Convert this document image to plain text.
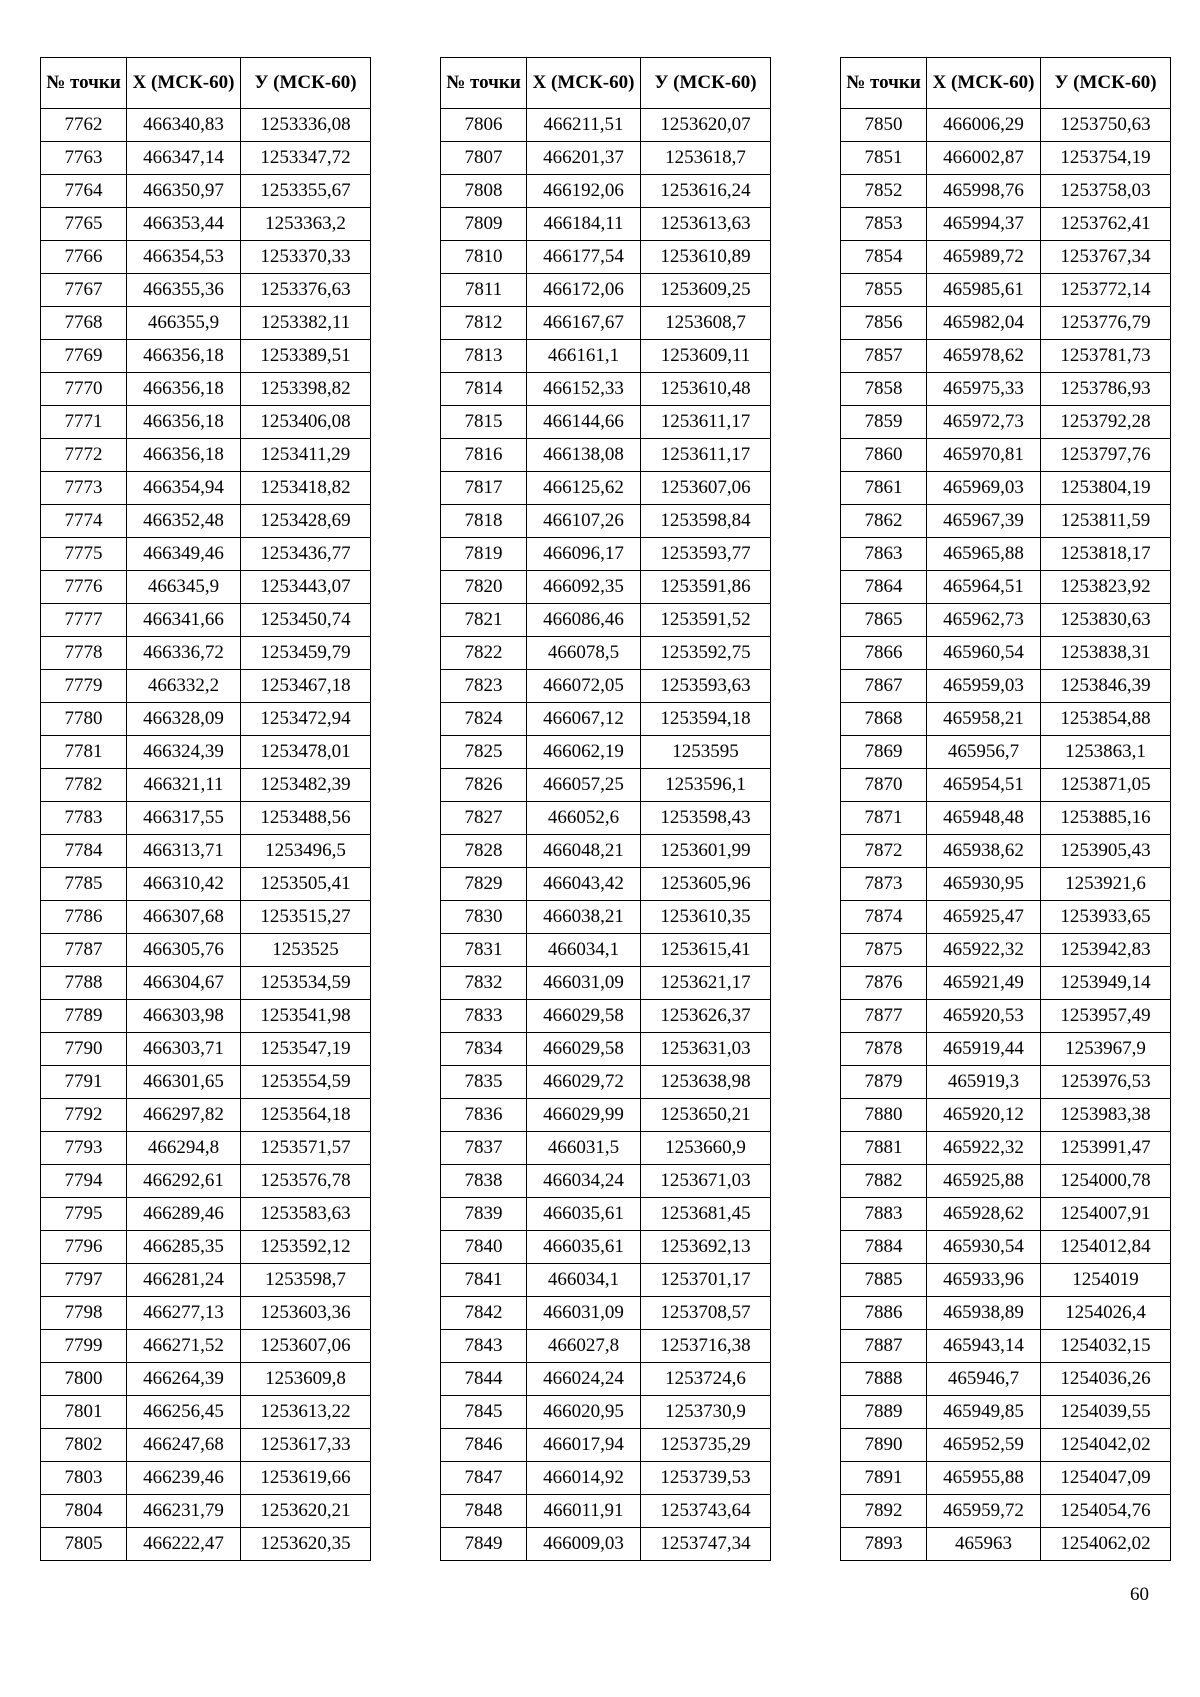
№ точки	X (МСК-60)	У (МСК-60)
7762	466340,83	1253336,08
7763	466347,14	1253347,72
7764	466350,97	1253355,67
7765	466353,44	1253363,2
7766	466354,53	1253370,33
7767	466355,36	1253376,63
7768	466355,9	1253382,11
7769	466356,18	1253389,51
7770	466356,18	1253398,82
7771	466356,18	1253406,08
7772	466356,18	1253411,29
7773	466354,94	1253418,82
7774	466352,48	1253428,69
7775	466349,46	1253436,77
7776	466345,9	1253443,07
7777	466341,66	1253450,74
7778	466336,72	1253459,79
7779	466332,2	1253467,18
7780	466328,09	1253472,94
7781	466324,39	1253478,01
7782	466321,11	1253482,39
7783	466317,55	1253488,56
7784	466313,71	1253496,5
7785	466310,42	1253505,41
7786	466307,68	1253515,27
7787	466305,76	1253525
7788	466304,67	1253534,59
7789	466303,98	1253541,98
7790	466303,71	1253547,19
7791	466301,65	1253554,59
7792	466297,82	1253564,18
7793	466294,8	1253571,57
7794	466292,61	1253576,78
7795	466289,46	1253583,63
7796	466285,35	1253592,12
7797	466281,24	1253598,7
7798	466277,13	1253603,36
7799	466271,52	1253607,06
7800	466264,39	1253609,8
7801	466256,45	1253613,22
7802	466247,68	1253617,33
7803	466239,46	1253619,66
7804	466231,79	1253620,21
7805	466222,47	1253620,35
№ точки	X (МСК-60)	У (МСК-60)
7806	466211,51	1253620,07
7807	466201,37	1253618,7
7808	466192,06	1253616,24
7809	466184,11	1253613,63
7810	466177,54	1253610,89
7811	466172,06	1253609,25
7812	466167,67	1253608,7
7813	466161,1	1253609,11
7814	466152,33	1253610,48
7815	466144,66	1253611,17
7816	466138,08	1253611,17
7817	466125,62	1253607,06
7818	466107,26	1253598,84
7819	466096,17	1253593,77
7820	466092,35	1253591,86
7821	466086,46	1253591,52
7822	466078,5	1253592,75
7823	466072,05	1253593,63
7824	466067,12	1253594,18
7825	466062,19	1253595
7826	466057,25	1253596,1
7827	466052,6	1253598,43
7828	466048,21	1253601,99
7829	466043,42	1253605,96
7830	466038,21	1253610,35
7831	466034,1	1253615,41
7832	466031,09	1253621,17
7833	466029,58	1253626,37
7834	466029,58	1253631,03
7835	466029,72	1253638,98
7836	466029,99	1253650,21
7837	466031,5	1253660,9
7838	466034,24	1253671,03
7839	466035,61	1253681,45
7840	466035,61	1253692,13
7841	466034,1	1253701,17
7842	466031,09	1253708,57
7843	466027,8	1253716,38
7844	466024,24	1253724,6
7845	466020,95	1253730,9
7846	466017,94	1253735,29
7847	466014,92	1253739,53
7848	466011,91	1253743,64
7849	466009,03	1253747,34
№ точки	X (МСК-60)	У (МСК-60)
7850	466006,29	1253750,63
7851	466002,87	1253754,19
7852	465998,76	1253758,03
7853	465994,37	1253762,41
7854	465989,72	1253767,34
7855	465985,61	1253772,14
7856	465982,04	1253776,79
7857	465978,62	1253781,73
7858	465975,33	1253786,93
7859	465972,73	1253792,28
7860	465970,81	1253797,76
7861	465969,03	1253804,19
7862	465967,39	1253811,59
7863	465965,88	1253818,17
7864	465964,51	1253823,92
7865	465962,73	1253830,63
7866	465960,54	1253838,31
7867	465959,03	1253846,39
7868	465958,21	1253854,88
7869	465956,7	1253863,1
7870	465954,51	1253871,05
7871	465948,48	1253885,16
7872	465938,62	1253905,43
7873	465930,95	1253921,6
7874	465925,47	1253933,65
7875	465922,32	1253942,83
7876	465921,49	1253949,14
7877	465920,53	1253957,49
7878	465919,44	1253967,9
7879	465919,3	1253976,53
7880	465920,12	1253983,38
7881	465922,32	1253991,47
7882	465925,88	1254000,78
7883	465928,62	1254007,91
7884	465930,54	1254012,84
7885	465933,96	1254019
7886	465938,89	1254026,4
7887	465943,14	1254032,15
7888	465946,7	1254036,26
7889	465949,85	1254039,55
7890	465952,59	1254042,02
7891	465955,88	1254047,09
7892	465959,72	1254054,76
7893	465963	1254062,02
60
